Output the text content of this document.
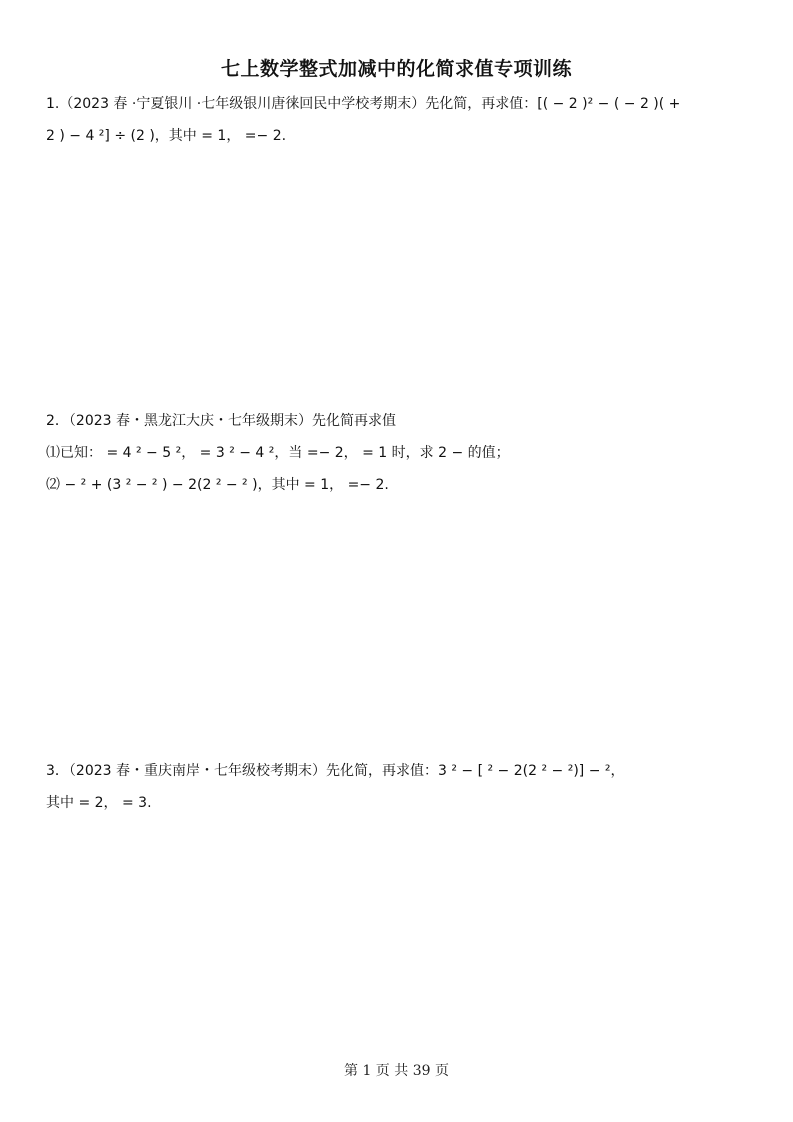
七上数学整式加减中的化简求值专项训练
1.（2023 春 ·宁夏银川 ·七年级银川唐徕回民中学校考期末）先化简，再求值：[( − 2 )² − ( − 2 )( +
2 ) − 4 ²] ÷ (2 )，其中 = 1， =− 2.
2．（2023 春・黑龙江大庆・七年级期末）先化简再求值
⑴已知： = 4 ² − 5 ²， = 3 ² − 4 ²，当 =− 2， = 1 时，求 2 − 的值；
⑵ − ² + (3 ² − ² ) − 2(2 ² − ² )，其中 = 1， =− 2.
3．（2023 春・重庆南岸・七年级校考期末）先化简，再求值：3 ² − [ ² − 2(2 ² − ²)] − ²，
其中 = 2， = 3.
第 1 页 共 39 页
